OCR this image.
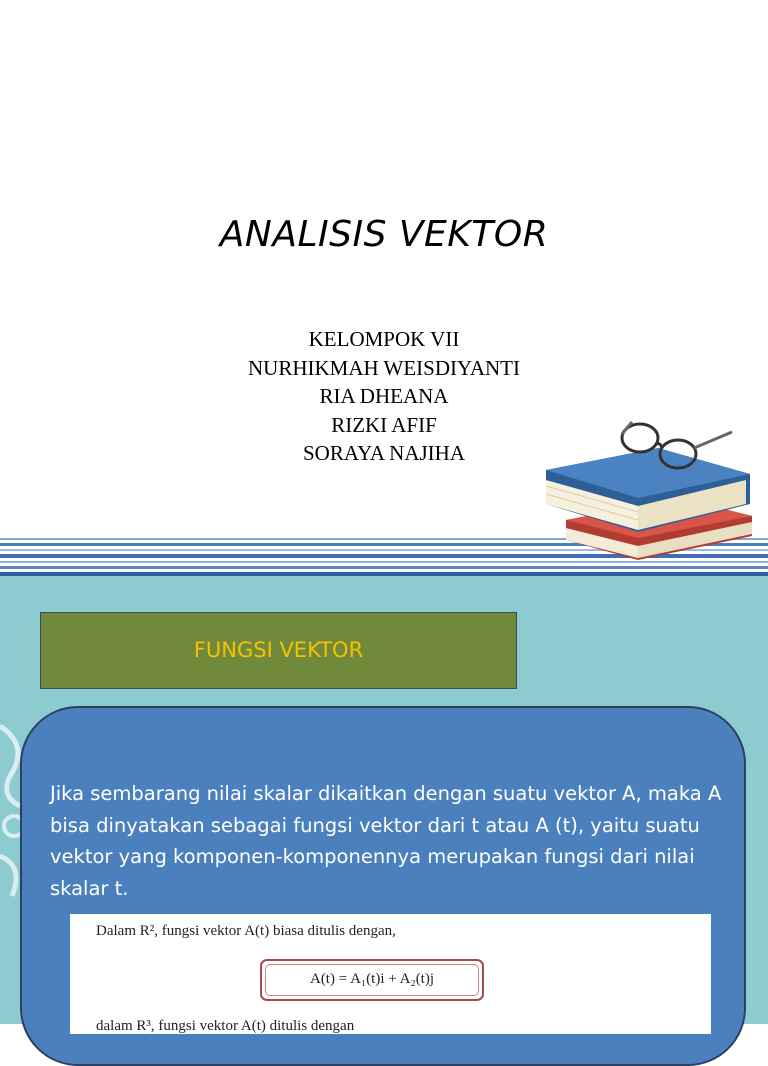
ANALISIS VEKTOR
KELOMPOK VII
NURHIKMAH WEISDIYANTI
RIA DHEANA
RIZKI AFIF
SORAYA NAJIHA
FUNGSI VEKTOR
Jika sembarang nilai skalar dikaitkan dengan suatu vektor A, maka A bisa dinyatakan sebagai fungsi vektor dari t atau A (t), yaitu suatu vektor yang komponen-komponennya merupakan fungsi dari nilai skalar t.
Dalam R², fungsi vektor A(t) biasa ditulis dengan,
A(t) = A₁(t)i + A₂(t)j
dalam R³, fungsi vektor A(t) ditulis dengan
